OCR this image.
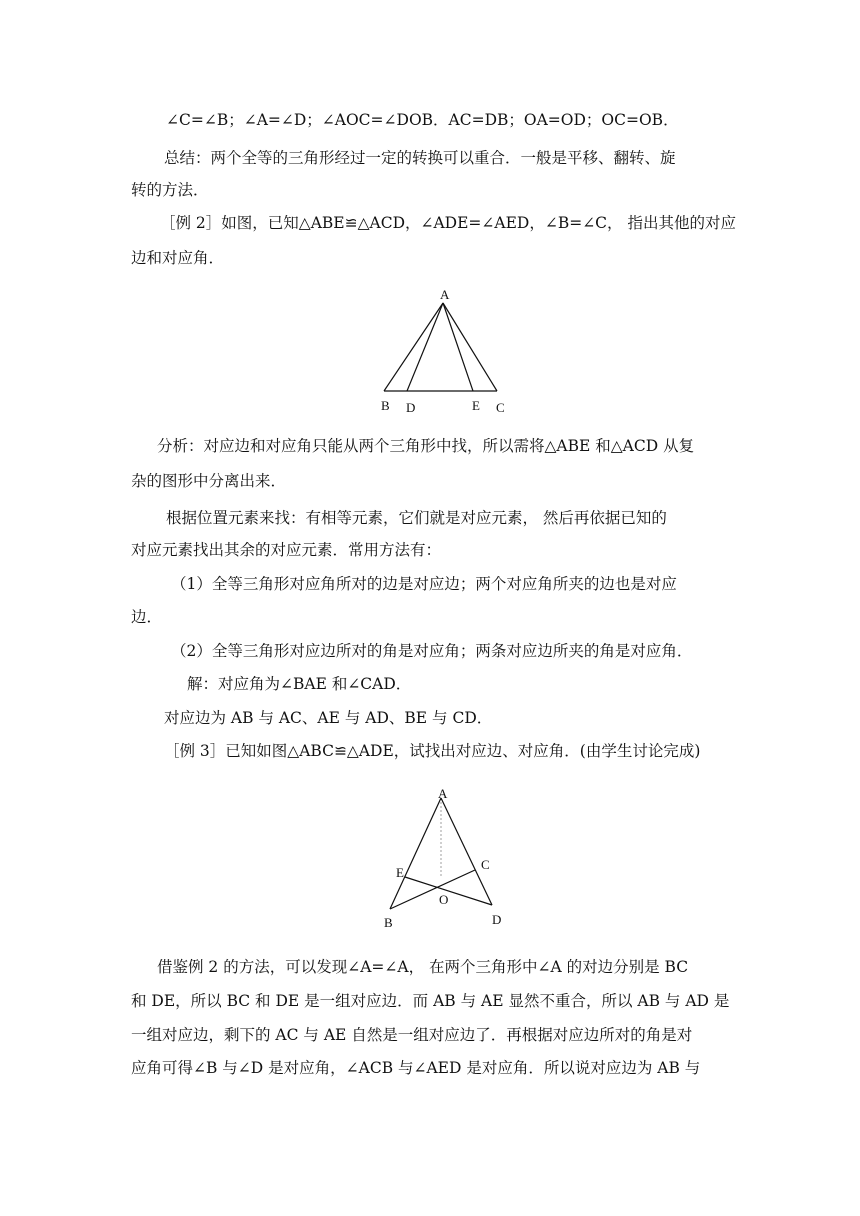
∠C=∠B；∠A=∠D；∠AOC=∠DOB．AC=DB；OA=OD；OC=OB．
总结：两个全等的三角形经过一定的转换可以重合．一般是平移、翻转、旋
转的方法．
［例 2］如图，已知△ABE≌△ACD，∠ADE=∠AED，∠B=∠C， 指出其他的对应
边和对应角．
A
B D	E C
分析：对应边和对应角只能从两个三角形中找，所以需将△ABE 和△ACD 从复
杂的图形中分离出来．
根据位置元素来找：有相等元素，它们就是对应元素， 然后再依据已知的
对应元素找出其余的对应元素．常用方法有：
（1）全等三角形对应角所对的边是对应边；两个对应角所夹的边也是对应
边．
（2）全等三角形对应边所对的角是对应角；两条对应边所夹的角是对应角．
解：对应角为∠BAE 和∠CAD．
对应边为 AB 与 AC、AE 与 AD、BE 与 CD．
［例 3］已知如图△ABC≌△ADE，试找出对应边、对应角．(由学生讨论完成)
A
E
C
O
B	D
借鉴例 2 的方法，可以发现∠A=∠A， 在两个三角形中∠A 的对边分别是 BC
和 DE，所以 BC 和 DE 是一组对应边．而 AB 与 AE 显然不重合，所以 AB 与 AD 是
一组对应边，剩下的 AC 与 AE 自然是一组对应边了．再根据对应边所对的角是对
应角可得∠B 与∠D 是对应角，∠ACB 与∠AED 是对应角．所以说对应边为 AB 与
